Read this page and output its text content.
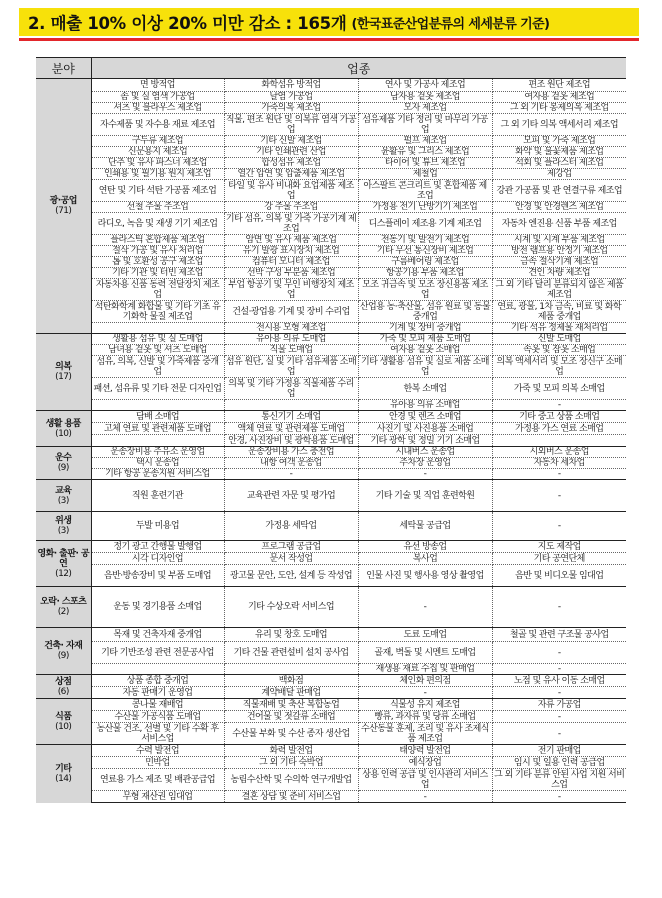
2. 매출 10% 이상 20% 미만 감소 : 165개 (한국표준산업분류의 세세분류 기준)
분야	업종			

광·공업
(71)	면 방적업	화학섬유 방적업	연사 및 가공사 제조업	편조 원단 제조업
	솜 및 실 염색 가공업	날염 가공업	남자용 겉옷 제조업	여자용 겉옷 제조업
	셔츠 및 블라우스 제조업	가죽의복 제조업	모자 제조업	그 외 기타 봉제의복 제조업
	자수제품 및 자수용 재료 제조업	직물, 편조 원단 및 의복류 염색 가공업	섬유제품 기타 정리 및 마무리 가공업	그 외 기타 의복 액세서리 제조업
	구두류 제조업	기타 신발 제조업	펄프 제조업	모피 및 가죽 제조업
	신문용지 제조업	기타 인쇄관련 산업	윤활유 및 그리스 제조업	화약 및 불꽃제품 제조업
	단추 및 유사 파스너 제조업	합성섬유 제조업	타이어 및 튜브 제조업	석회 및 플라스터 제조업
	인쇄용 및 필기용 원지 제조업	열간 압연 및 압출제품 제조업	제철업	제강업
	연탄 및 기타 석탄 가공품 제조업	타일 및 유사 비내화 요업제품 제조업	아스팔트 콘크리트 및 혼합제품 제조업	강관 가공품 및 관 연결구류 제조업
	선철 주물 주조업	강 주물 주조업	가정용 전기 난방기기 제조업	안경 및 안경렌즈 제조업
	라디오, 녹음 및 재생 기기 제조업	기타 섬유, 의복 및 가죽 가공기계 제조업	디스플레이 제조용 기계 제조업	자동차 엔진용 신품 부품 제조업
	플라스틱 혼합제품 제조업	암면 및 유사 제품 제조업	전동기 및 발전기 제조업	시계 및 시계 부품 제조업
	절삭 가공 및 유사 처리업	유기 발광 표시장치 제조업	기타 무선 통신장비 제조업	방전 램프용 안정기 제조업
	톱 및 호환성 공구 제조업	컴퓨터 모니터 제조업	구름베어링 제조업	금속 절삭기계 제조업
	기타 기관 및 터빈 제조업	선박 구성 부분품 제조업	항공기용 부품 제조업	견인 차량 제조업
	자동차용 신품 동력 전달장치 제조업	부업 항공기 및 무인 비행장치 제조업	모조 귀금속 및 모조 장신용품 제조업	그 외 기타 달리 분류되지 않은 제품 제조업
	석탄화학계 화합물 및 기타 기초 유기화학 물질 제조업	건설·광업용 기계 및 장비 수리업	산업용 농·축산물, 섬유 원료 및 동물 중개업	연료, 광물, 1차 금속, 비료 및 화학제품 중개업
		전시용 모형 제조업	기계 및 장비 중개업	기타 석유 정제물 재처리업

의복
(17)	생활용 섬유 및 실 도매업	유아용 의류 도매업	가죽 및 모피 제품 도매업	신발 도매업
	남녀용 겉옷 및 셔츠 도매업	직물 도매업	여자용 겉옷 소매업	속옷 및 잠옷 소매업
	섬유, 의복, 신발 및 가죽제품 중개업	섬유 원단, 실 및 기타 섬유제품 소매업	기타 생활용 섬유 및 실로 제품 소매업	의복 액세서리 및 모조 장신구 소매업
	패션, 섬유류 및 기타 전문 디자인업	의복 및 기타 가정용 직물제품 수리업	한복 소매업	가죽 및 모피 의복 소매업
			유아용 의류 소매업	-

생활 용품
(10)	담배 소매업	통신기기 소매업	안경 및 렌즈 소매업	기타 중고 상품 소매업
	고체 연료 및 관련제품 도매업	액체 연료 및 관련제품 도매업	사진기 및 사진용품 소매업	가정용 가스 연료 소매업
		안경, 사진장비 및 광학용품 도매업	기타 광학 및 정밀 기기 소매업	

운수
(9)	운송장비용 주유소 운영업	운송장비용 가스 충전업	시내버스 운송업	시외버스 운송업
	택시 운송업	내항 여객 운송업	주차장 운영업	자동차 세차업
	기타 항공 운송지원 서비스업	-	-	-

교육
(3)	직원 훈련기관	교육관련 자문 및 평가업	기타 기술 및 직업 훈련학원	-

위생
(3)	두발 미용업	가정용 세탁업	세탁물 공급업	-

영화· 출판· 공연
(12)	정기 광고 간행물 발행업	프로그램 공급업	유선 방송업	지도 제작업
	시각 디자인업	문서 작성업	복사업	기타 공연단체
	음반·방송장비 및 부품 도매업	광고물 문안, 도안, 설계 등 작성업	인물 사진 및 행사용 영상 촬영업	음반 및 비디오물 임대업

오락· 스포츠
(2)	운동 및 경기용품 소매업	기타 수상오락 서비스업	-	-

건축· 자재
(9)	목재 및 건축자재 중개업	유리 및 창호 도매업	도료 도매업	철골 및 관련 구조물 공사업
	기타 기반조성 관련 전문공사업	기타 건물 관련설비 설치 공사업	골재, 벽돌 및 시멘트 도매업	-
			재생용 재료 수집 및 판매업	-

상점
(6)	상품 종합 중개업	백화점	체인화 편의점	노점 및 유사 이동 소매업
	자동 판매기 운영업	계약배달 판매업	-	-

식품
(10)	콩나물 재배업	직물재배 및 축산 복합농업	식물성 유지 제조업	자류 가공업
	수산물 가공식품 도매업	건어물 및 젓갈류 소매업	빵류, 과자류 및 당류 소매업	-
	농산물 건조, 선별 및 기타 수확 후 서비스업	수산물 부화 및 수산 종자 생산업	수산동물 훈제, 조리 및 유사 조제식품 제조업	-

기타
(14)	수력 발전업	화력 발전업	태양력 발전업	전기 판매업
	민박업	그 외 기타 숙박업	예식장업	임시 및 일용 인력 공급업
	연료용 가스 제조 및 배관공급업	농림수산학 및 수의학 연구개발업	상용 인력 공급 및 인사관리 서비스업	그 외 기타 분류 안된 사업 지원 서비스업
	무형 재산권 임대업	결혼 상담 및 준비 서비스업	-	-
